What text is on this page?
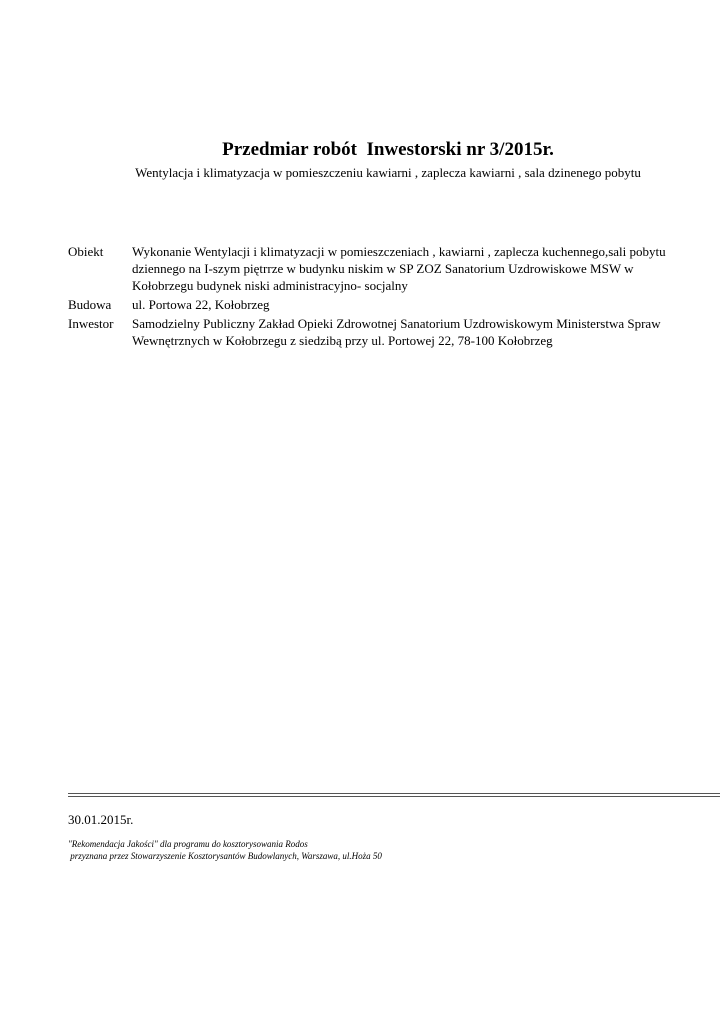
Przedmiar robót  Inwestorski nr 3/2015r.
Wentylacja i klimatyzacja w pomieszczeniu kawiarni , zaplecza kawiarni , sala dzinenego pobytu
Obiekt	Wykonanie Wentylacji i klimatyzacji w pomieszczeniach , kawiarni , zaplecza kuchennego,sali pobytu
dziennego na I-szym piętrrze w budynku niskim w SP ZOZ Sanatorium Uzdrowiskowe MSW w
Kołobrzegu budynek niski administracyjno- socjalny
Budowa	ul. Portowa 22, Kołobrzeg
Inwestor	Samodzielny Publiczny Zakład Opieki Zdrowotnej Sanatorium Uzdrowiskowym Ministerstwa Spraw
Wewnętrznych w Kołobrzegu z siedzibą przy ul. Portowej 22, 78-100 Kołobrzeg
30.01.2015r.
"Rekomendacja Jakości" dla programu do kosztorysowania Rodos
przyznana przez Stowarzyszenie Kosztorysantów Budowlanych, Warszawa, ul.Hoża 50
